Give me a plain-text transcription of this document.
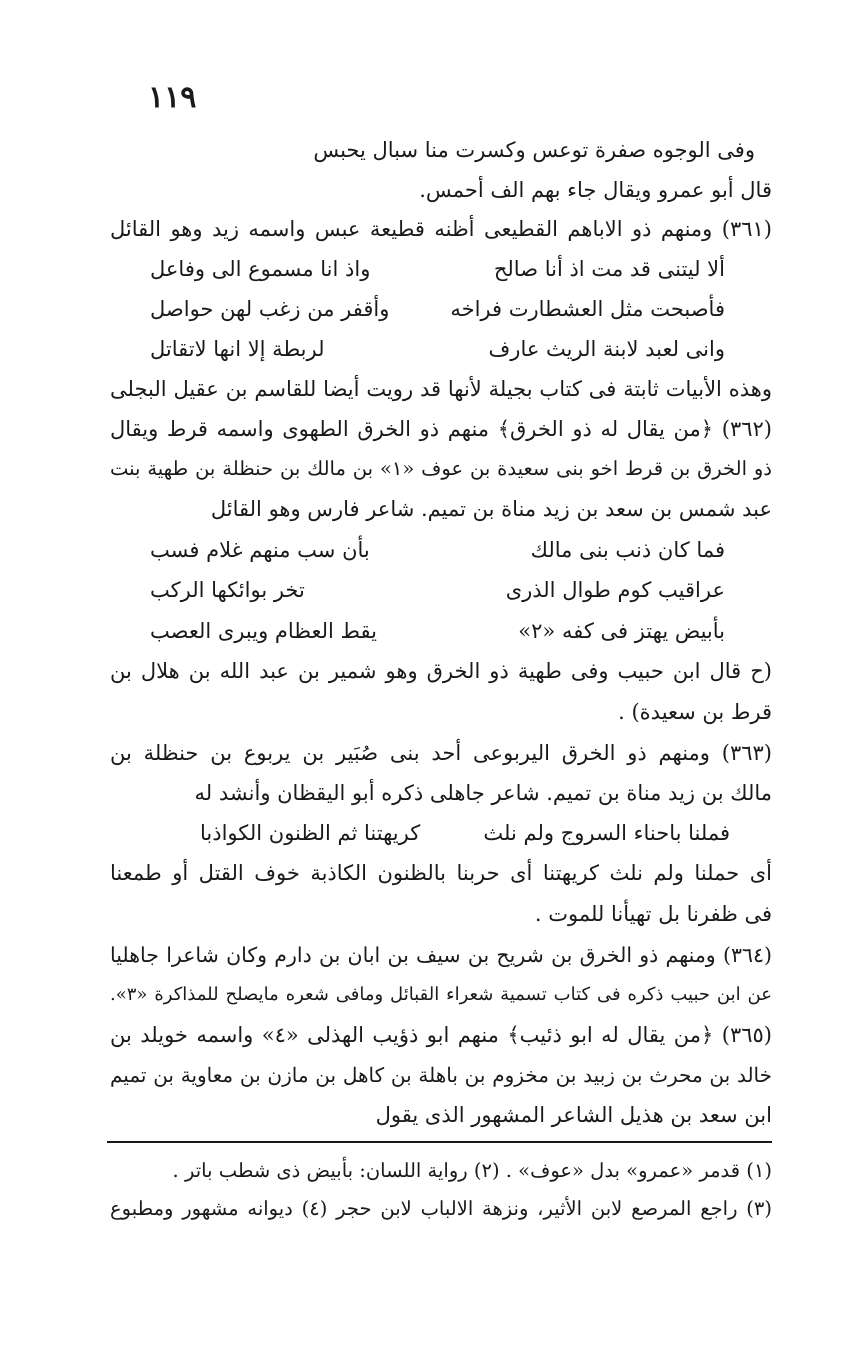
١١٩
وفى الوجوه صفرة توعس وكسرت منا سبال يحبس
قال أبو عمرو ويقال جاء بهم الف أحمس.
(٣٦١) ومنهم ذو الاباهم القطيعى أظنه قطيعة عبس واسمه زيد وهو القائل
ألا ليتنى قد مت اذ أنا صالح
واذ انا مسموع الى وفاعل
فأصبحت مثل العشطارت فراخه
وأقفر من زغب لهن حواصل
وانى لعبد لابنة الريث عارف
لربطة إلا انها لاتقاتل
وهذه الأبيات ثابتة فى كتاب بجيلة لأنها قد رويت أيضا للقاسم بن عقيل البجلى
(٣٦٢) ﴿من يقال له ذو الخرق﴾ منهم ذو الخرق الطهوى واسمه قرط ويقال
ذو الخرق بن قرط اخو بنى سعيدة بن عوف «١» بن مالك بن حنظلة بن طهية بنت
عبد شمس بن سعد بن زيد مناة بن تميم. شاعر فارس وهو القائل
فما كان ذنب بنى مالك
بأن سب منهم غلام فسب
عراقيب كوم طوال الذرى
تخر بوائكها الركب
بأبيض يهتز فى كفه «٢»
يقط العظام ويبرى العصب
(ح قال ابن حبيب وفى طهية ذو الخرق وهو شمير بن عبد الله بن هلال بن
قرط بن سعيدة) .
(٣٦٣) ومنهم ذو الخرق اليربوعى أحد بنى صُبَير بن يربوع بن حنظلة بن
مالك بن زيد مناة بن تميم. شاعر جاهلى ذكره أبو اليقظان وأنشد له
فملنا باحناء السروج ولم نلث
كريهتنا ثم الظنون الكواذبا
أى حملنا ولم نلث كريهتنا أى حربنا بالظنون الكاذبة خوف القتل أو طمعنا
فى ظفرنا بل تهيأنا للموت .
(٣٦٤) ومنهم ذو الخرق بن شريح بن سيف بن ابان بن دارم وكان شاعرا جاهليا
عن ابن حبيب ذكره فى كتاب تسمية شعراء القبائل ومافى شعره مايصلح للمذاكرة «٣».
(٣٦٥) ﴿من يقال له ابو ذئيب﴾ منهم ابو ذؤيب الهذلى «٤» واسمه خويلد بن
خالد بن محرث بن زبيد بن مخزوم بن باهلة بن كاهل بن مازن بن معاوية بن تميم
ابن سعد بن هذيل الشاعر المشهور الذى يقول
(١) قدمر «عمرو» بدل «عوف» . (٢) رواية اللسان: بأبيض ذى شطب باتر .
(٣) راجع المرصع لابن الأثير، ونزهة الالباب لابن حجر (٤) ديوانه مشهور ومطبوع
